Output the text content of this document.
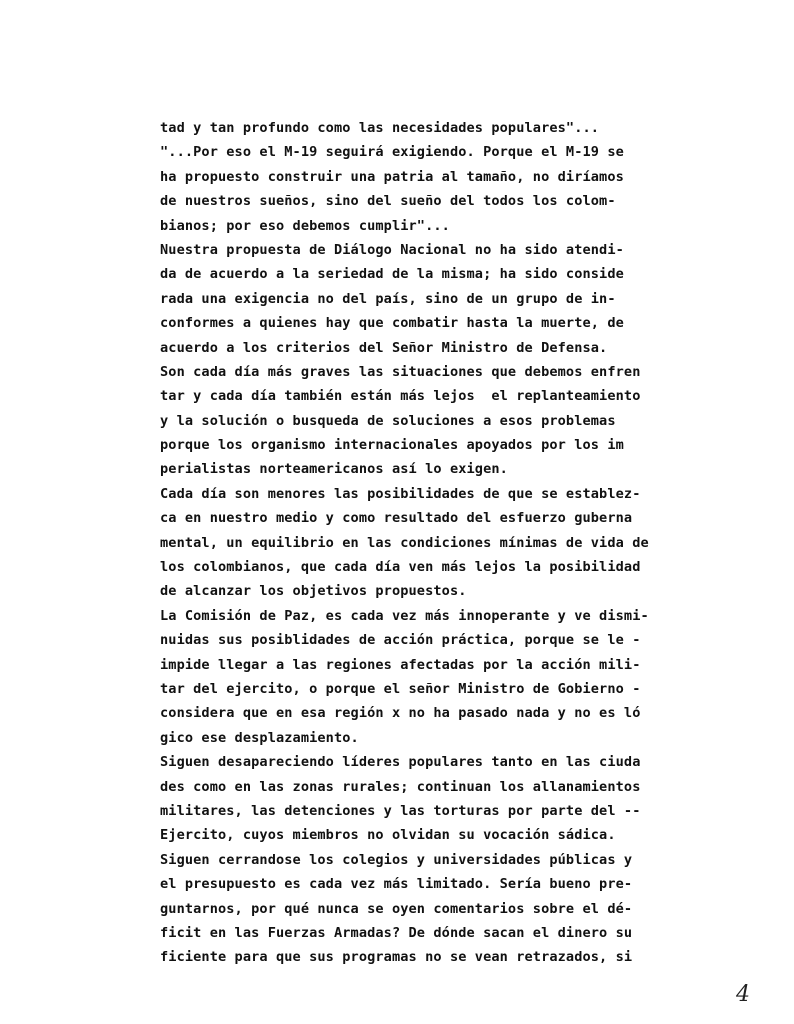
tad y tan profundo como las necesidades populares"...
"...Por eso el M-19 seguirá exigiendo. Porque el M-19 se
ha propuesto construir una patria al tamaño, no diríamos
de nuestros sueños, sino del sueño del todos los colom-
bianos; por eso debemos cumplir"...
Nuestra propuesta de Diálogo Nacional no ha sido atendi-
da de acuerdo a la seriedad de la misma; ha sido conside
rada una exigencia no del país, sino de un grupo de in-
conformes a quienes hay que combatir hasta la muerte, de
acuerdo a los criterios del Señor Ministro de Defensa.
Son cada día más graves las situaciones que debemos enfren
tar y cada día también están más lejos  el replanteamiento
y la solución o busqueda de soluciones a esos problemas
porque los organismo internacionales apoyados por los im
perialistas norteamericanos así lo exigen.
Cada día son menores las posibilidades de que se establez-
ca en nuestro medio y como resultado del esfuerzo guberna
mental, un equilibrio en las condiciones mínimas de vida de
los colombianos, que cada día ven más lejos la posibilidad
de alcanzar los objetivos propuestos.
La Comisión de Paz, es cada vez más innoperante y ve dismi-
nuidas sus posiblidades de acción práctica, porque se le -
impide llegar a las regiones afectadas por la acción mili-
tar del ejercito, o porque el señor Ministro de Gobierno -
considera que en esa región x no ha pasado nada y no es ló
gico ese desplazamiento.
Siguen desapareciendo líderes populares tanto en las ciuda
des como en las zonas rurales; continuan los allanamientos
militares, las detenciones y las torturas por parte del --
Ejercito, cuyos miembros no olvidan su vocación sádica.
Siguen cerrandose los colegios y universidades públicas y
el presupuesto es cada vez más limitado. Sería bueno pre-
guntarnos, por qué nunca se oyen comentarios sobre el dé-
ficit en las Fuerzas Armadas? De dónde sacan el dinero su
ficiente para que sus programas no se vean retrazados, si
4
